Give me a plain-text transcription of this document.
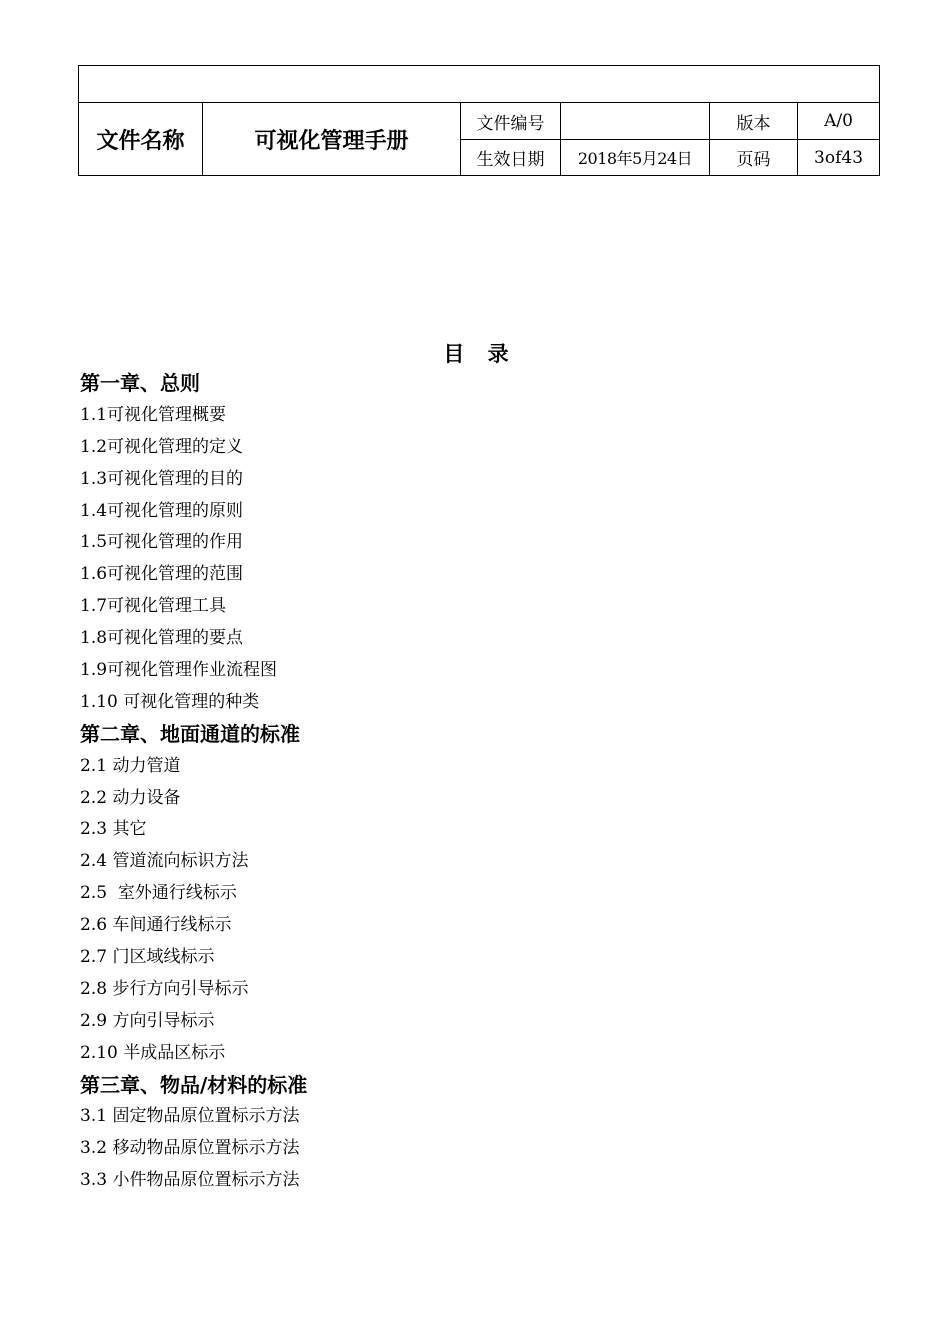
文件名称	可视化管理手册	文件编号		版本	A/0
		生效日期	2018年5月24日	页码	3of43
目 录
第一章、总则
1.1可视化管理概要
1.2可视化管理的定义
1.3可视化管理的目的
1.4可视化管理的原则
1.5可视化管理的作用
1.6可视化管理的范围
1.7可视化管理工具
1.8可视化管理的要点
1.9可视化管理作业流程图
1.10 可视化管理的种类
第二章、地面通道的标准
2.1 动力管道
2.2 动力设备
2.3 其它
2.4 管道流向标识方法
2.5  室外通行线标示
2.6 车间通行线标示
2.7 门区域线标示
2.8 步行方向引导标示
2.9 方向引导标示
2.10 半成品区标示
第三章、物品/材料的标准
3.1 固定物品原位置标示方法
3.2 移动物品原位置标示方法
3.3 小件物品原位置标示方法
